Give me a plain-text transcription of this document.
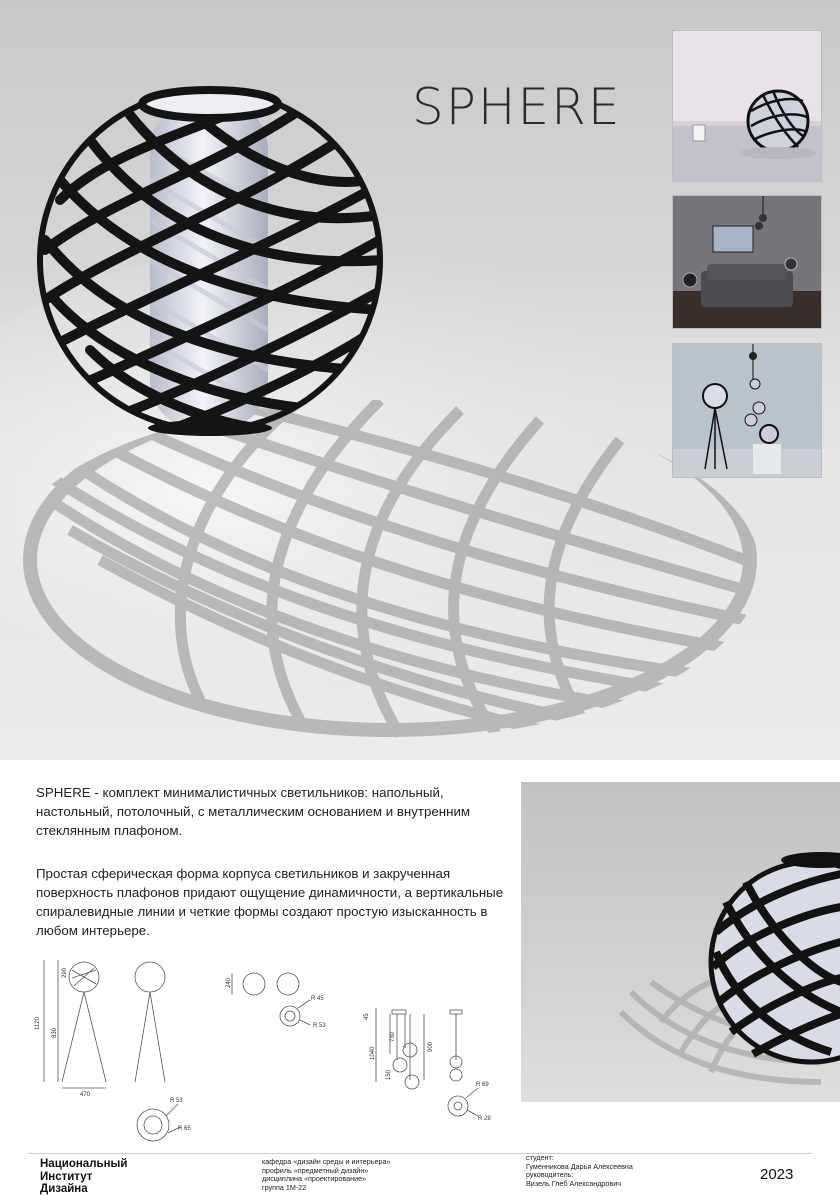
SPHERE

SPHERE - комплект минималистичных светильников: напольный, настольный, потолочный, с металлическим основанием и внутренним стеклянным плафоном.

Простая сферическая форма корпуса светильников и закрученная поверхность плафонов придают ощущение динамичности, а вертикальные спиралевидные линии и четкие формы создают простую изысканность в любом интерьере.

1120
290
830
470
R 53
R 65
240
R 45
R 53
45
1040
730
900
150
R 69
R 28
Национальный
Институт
Дизайна
кафедра «дизайн среды и интерьера»
профиль «предметный дизайн»
дисциплина «проектирование»
группа 1М-22
студент:
Гуменникова Дарья Алексеевна
руководитель:
Визель Глеб Александрович
2023
